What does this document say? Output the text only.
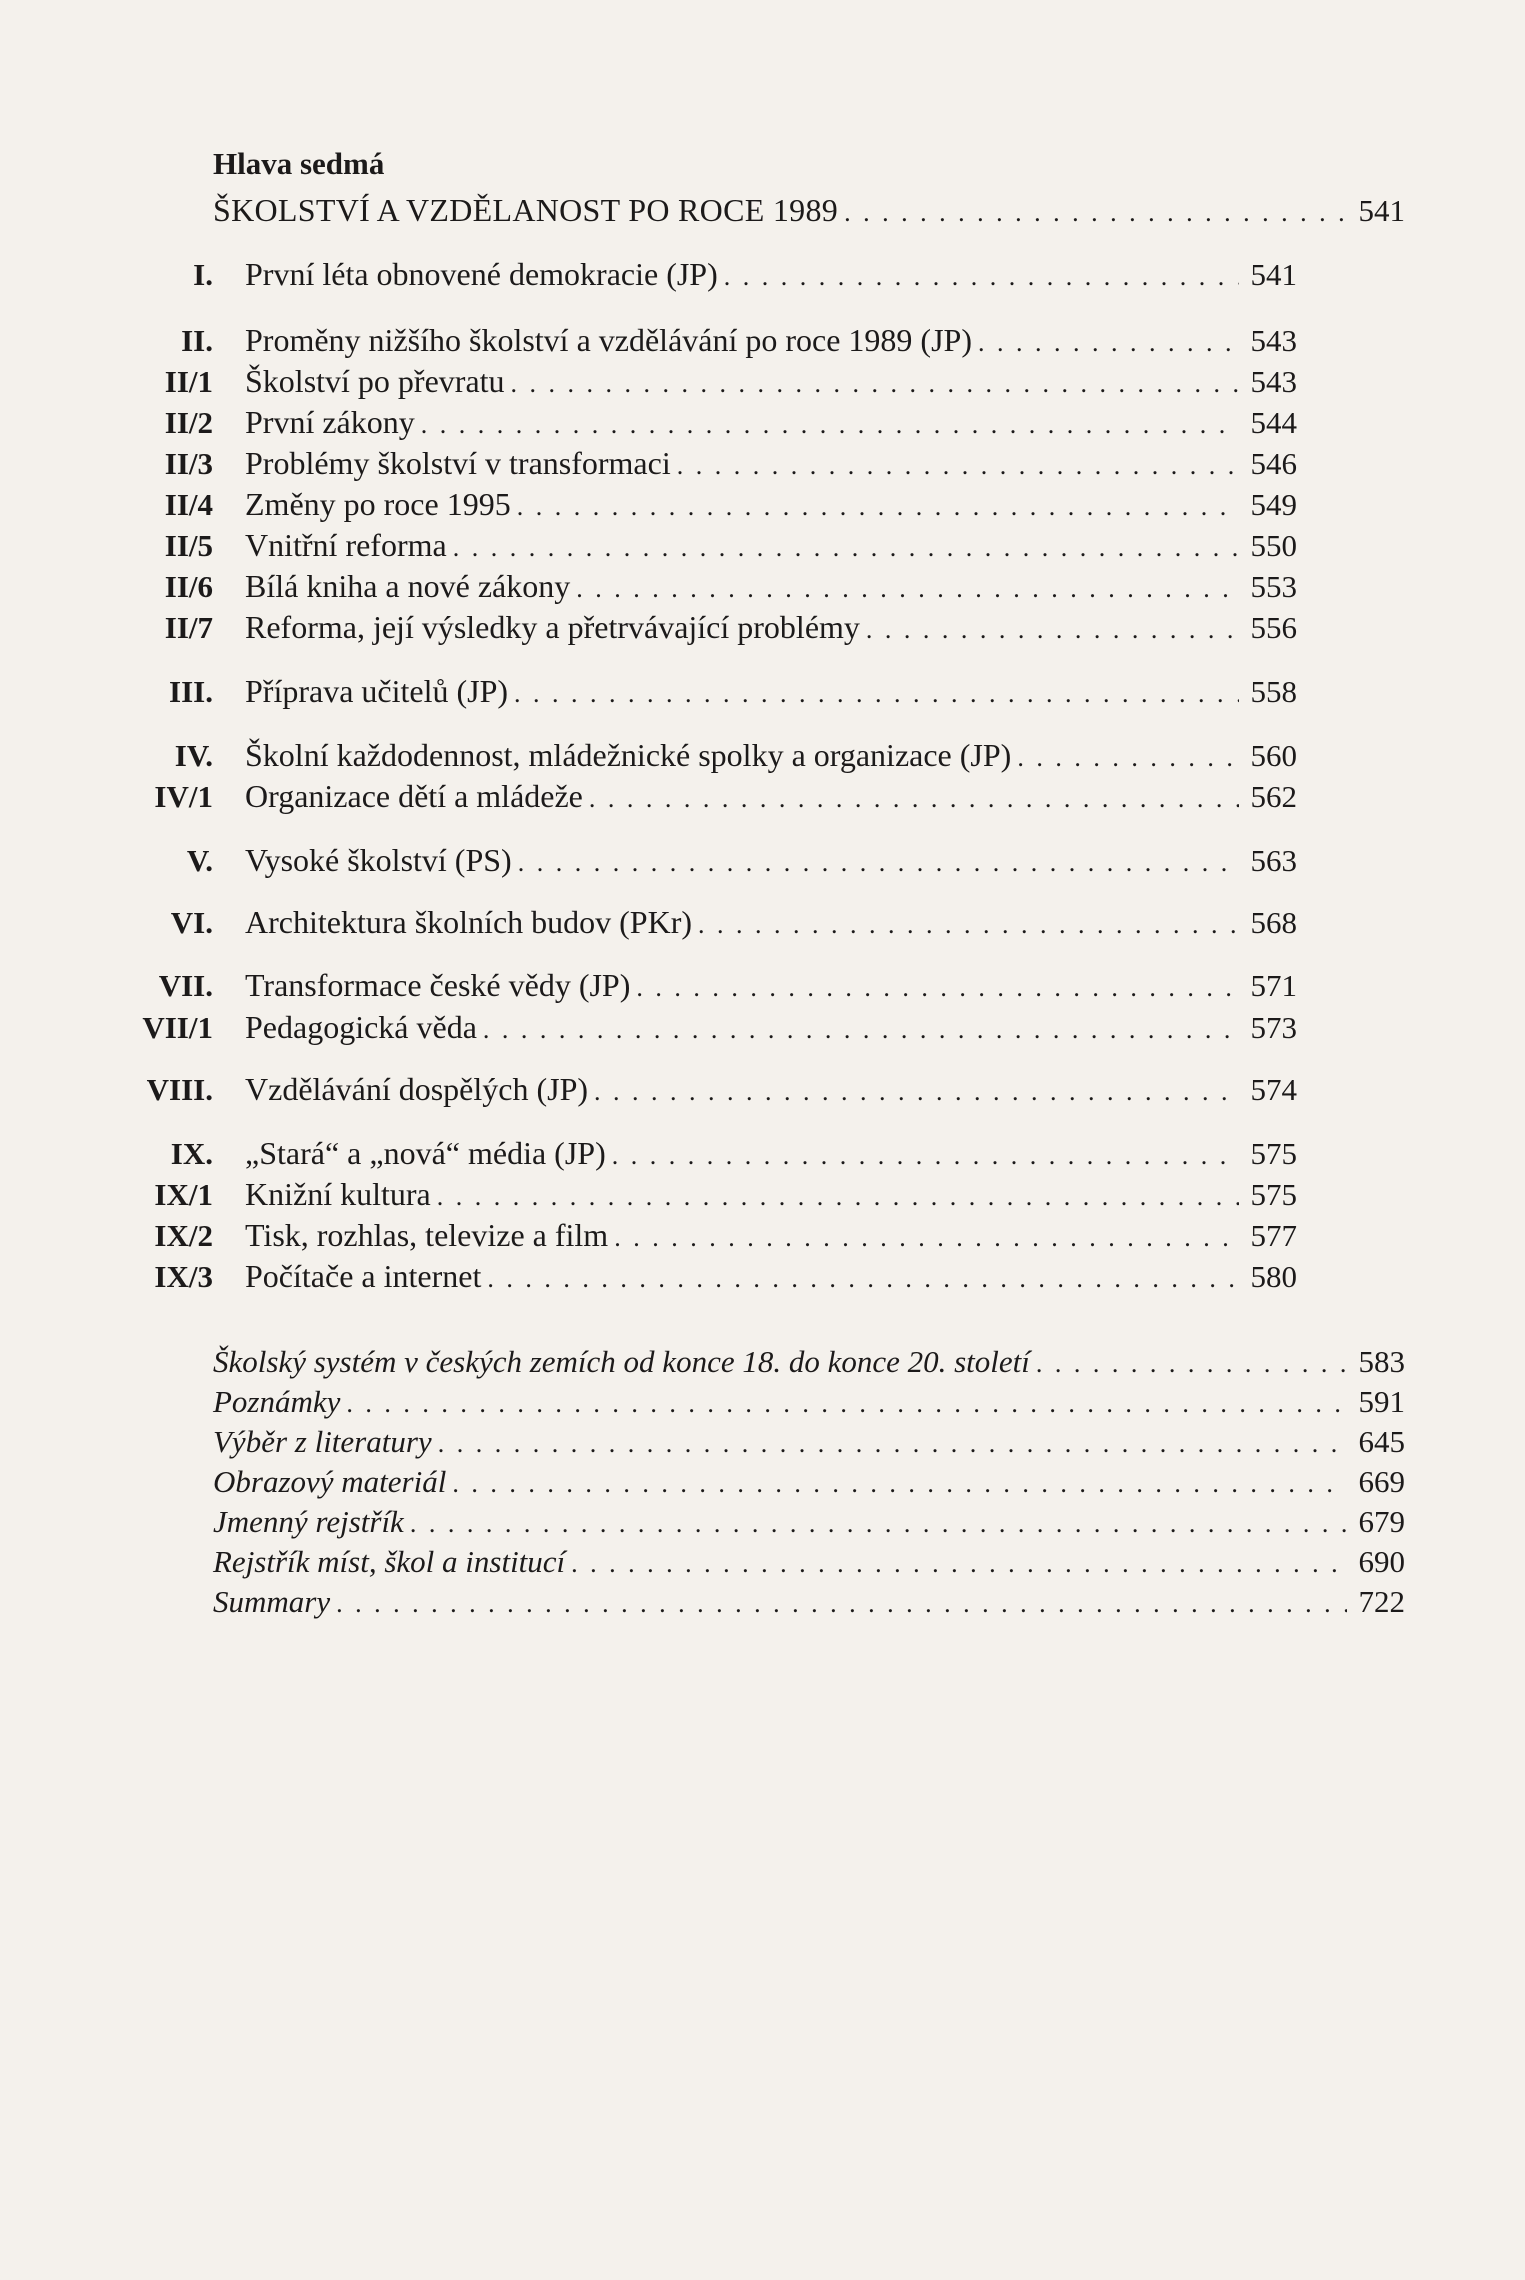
Hlava sedmá
ŠKOLSTVÍ A VZDĚLANOST PO ROCE 1989 . . .	541
I.	První léta obnovené demokracie (JP) . . .	541
II.	Proměny nižšího školství a vzdělávání po roce 1989 (JP) . . .	543
II/1	Školství po převratu . . .	543
II/2	První zákony . . .	544
II/3	Problémy školství v transformaci . . .	546
II/4	Změny po roce 1995 . . .	549
II/5	Vnitřní reforma . . .	550
II/6	Bílá kniha a nové zákony . . .	553
II/7	Reforma, její výsledky a přetrvávající problémy . . .	556
III.	Příprava učitelů (JP) . . .	558
IV.	Školní každodennost, mládežnické spolky a organizace (JP) . . .	560
IV/1	Organizace dětí a mládeže . . .	562
V.	Vysoké školství (PS) . . .	563
VI.	Architektura školních budov (PKr) . . .	568
VII.	Transformace české vědy (JP) . . .	571
VII/1	Pedagogická věda . . .	573
VIII.	Vzdělávání dospělých (JP) . . .	574
IX.	„Stará“ a „nová“ média (JP) . . .	575
IX/1	Knižní kultura . . .	575
IX/2	Tisk, rozhlas, televize a film . . .	577
IX/3	Počítače a internet . . .	580
Školský systém v českých zemích od konce 18. do konce 20. století . . .	583
Poznámky . . .	591
Výběr z literatury . . .	645
Obrazový materiál . . .	669
Jmenný rejstřík . . .	679
Rejstřík míst, škol a institucí . . .	690
Summary . . .	722
